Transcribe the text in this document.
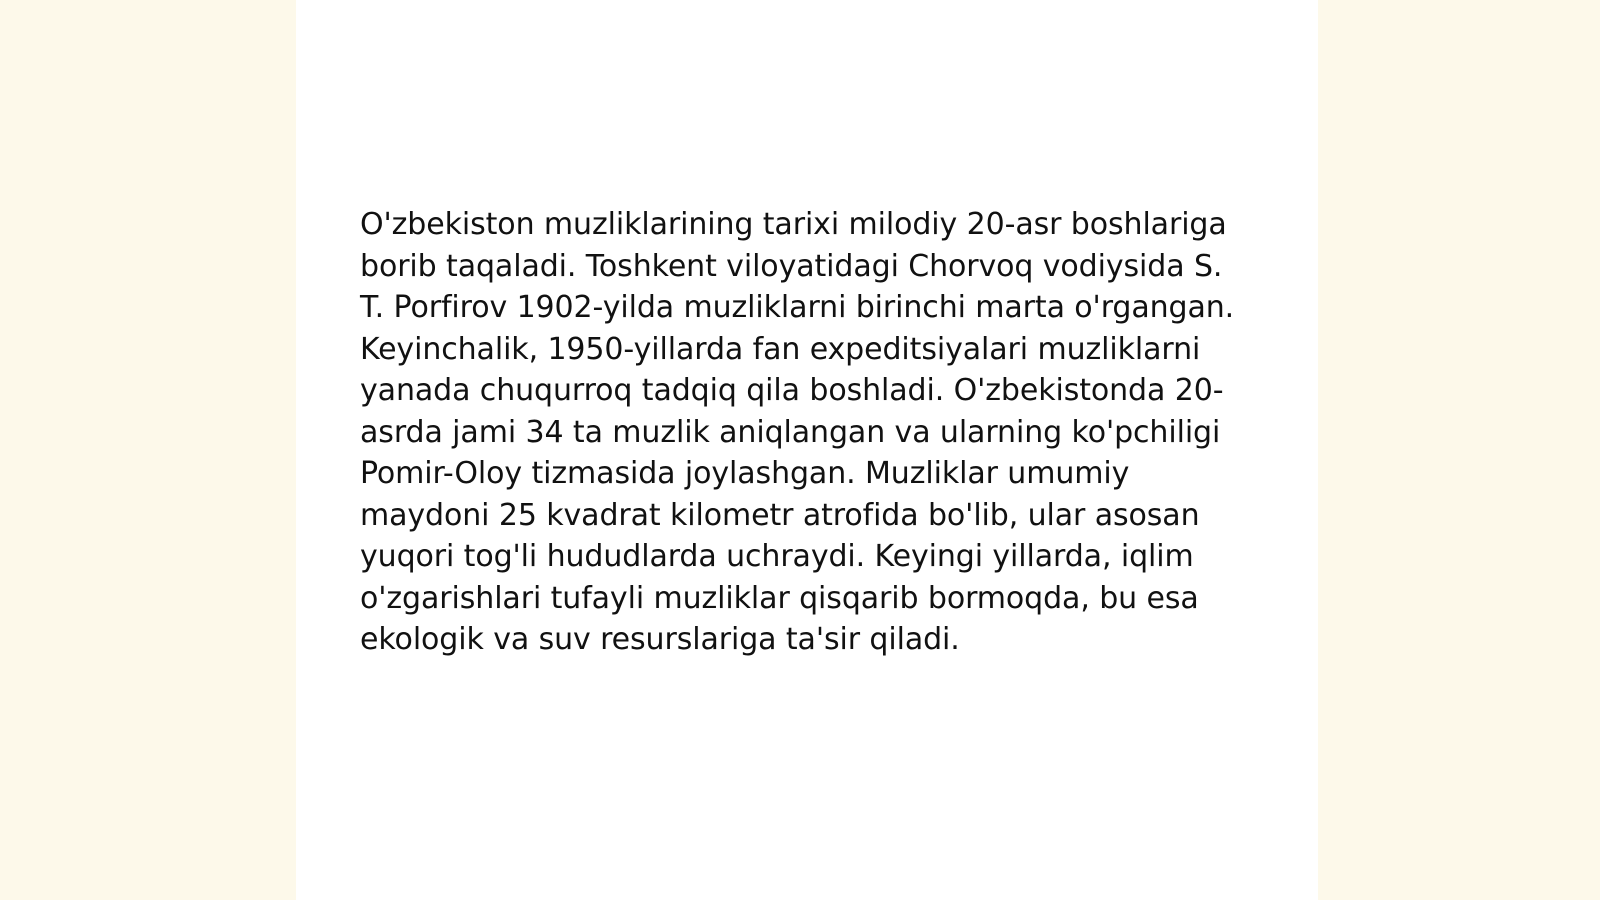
O'zbekiston muzliklarining tarixi milodiy 20-asr boshlariga borib taqaladi. Toshkent viloyatidagi Chorvoq vodiysida S. T. Porfirov 1902-yilda muzliklarni birinchi marta o'rgangan. Keyinchalik, 1950-yillarda fan expeditsiyalari muzliklarni yanada chuqurroq tadqiq qila boshladi. O'zbekistonda 20-asrda jami 34 ta muzlik aniqlangan va ularning ko'pchiligi Pomir-Oloy tizmasida joylashgan. Muzliklar umumiy maydoni 25 kvadrat kilometr atrofida bo'lib, ular asosan yuqori tog'li hududlarda uchraydi. Keyingi yillarda, iqlim o'zgarishlari tufayli muzliklar qisqarib bormoqda, bu esa ekologik va suv resurslariga ta'sir qiladi.
